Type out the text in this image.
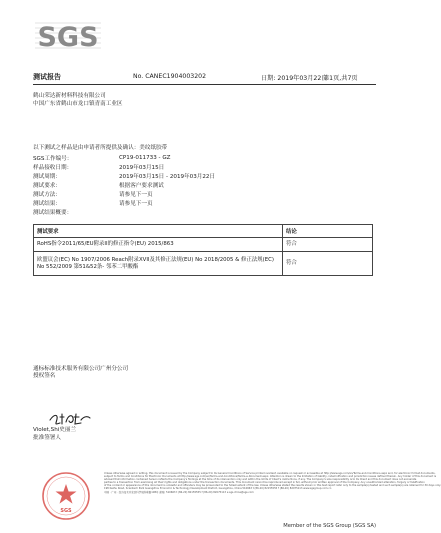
SGS
测试报告	No. CANEC1904003202	日期: 2019年03月22日
第1页,共7页
鹤山荣达新材料科技有限公司
中国广东省鹤山市龙口镇青南工业区
以下测试之样品是由申请者所提供及确认：美纹纸胶带
SGS工作编号：	CP19-011733 - GZ
样品接收日期：	2019年03月15日
测试周期：	2019年03月15日 - 2019年03月22日
测试要求：	根据客户要求测试
测试方法：	请参见下一页
测试结果：	请参见下一页
测试结果概要：
测试要求	结论
RoHS指令2011/65/EU附录II的修正指令(EU) 2015/863	符合
欧盟议会(EC) No 1907/2006 Reach附录XVII及其修正法规(EU) No 2018/2005 & 修正法规(EC) No 552/2009 第51&52条- 邻苯二甲酸酯	符合
通标标准技术服务有限公司广州分公司
授权签名
Violet,Shi史丽兰
批准签署人
SGS
Unless otherwise agreed in writing, this document is issued by the Company subject to its General Conditions of Service printed overleaf, available on request or accessible at http://www.sgs.com/en/Terms-and-Conditions.aspx and, for electronic format documents,
subject to Terms and Conditions for Electronic Documents at http://www.sgs.com/en/Terms-and-Conditions/Terms-e-Document.aspx. Attention is drawn to the limitation of liability, indemnification and jurisdiction issues defined therein. Any holder of this document is
advised that information contained hereon reflects the Company's findings at the time of its intervention only and within the limits of Client's instructions, if any. The Company's sole responsibility is to its Client and this document does not exonerate
parties to a transaction from exercising all their rights and obligations under the transaction documents. This document cannot be reproduced except in full, without prior written approval of the Company. Any unauthorized alteration, forgery or falsification
of the content or appearance of this document is unlawful and offenders may be prosecuted to the fullest extent of the law. Unless otherwise stated the results shown in this test report refer only to the sample(s) tested and such sample(s) are retained for 30 days only.
198 Kezhu Road, Scientech Park Guangzhou Economic & Technology Development District, Guangzhou, China 510663 t (86-20) 82155555 f (86-20) 82075113 www.sgsgroup.com.cn
中国 · 广州 · 经济技术开发区科学城科珠路198号 邮编: 510663 t (86-20) 82155555 f (86-20) 82075113 e sgs.china@sgs.com
Member of the SGS Group (SGS SA)
